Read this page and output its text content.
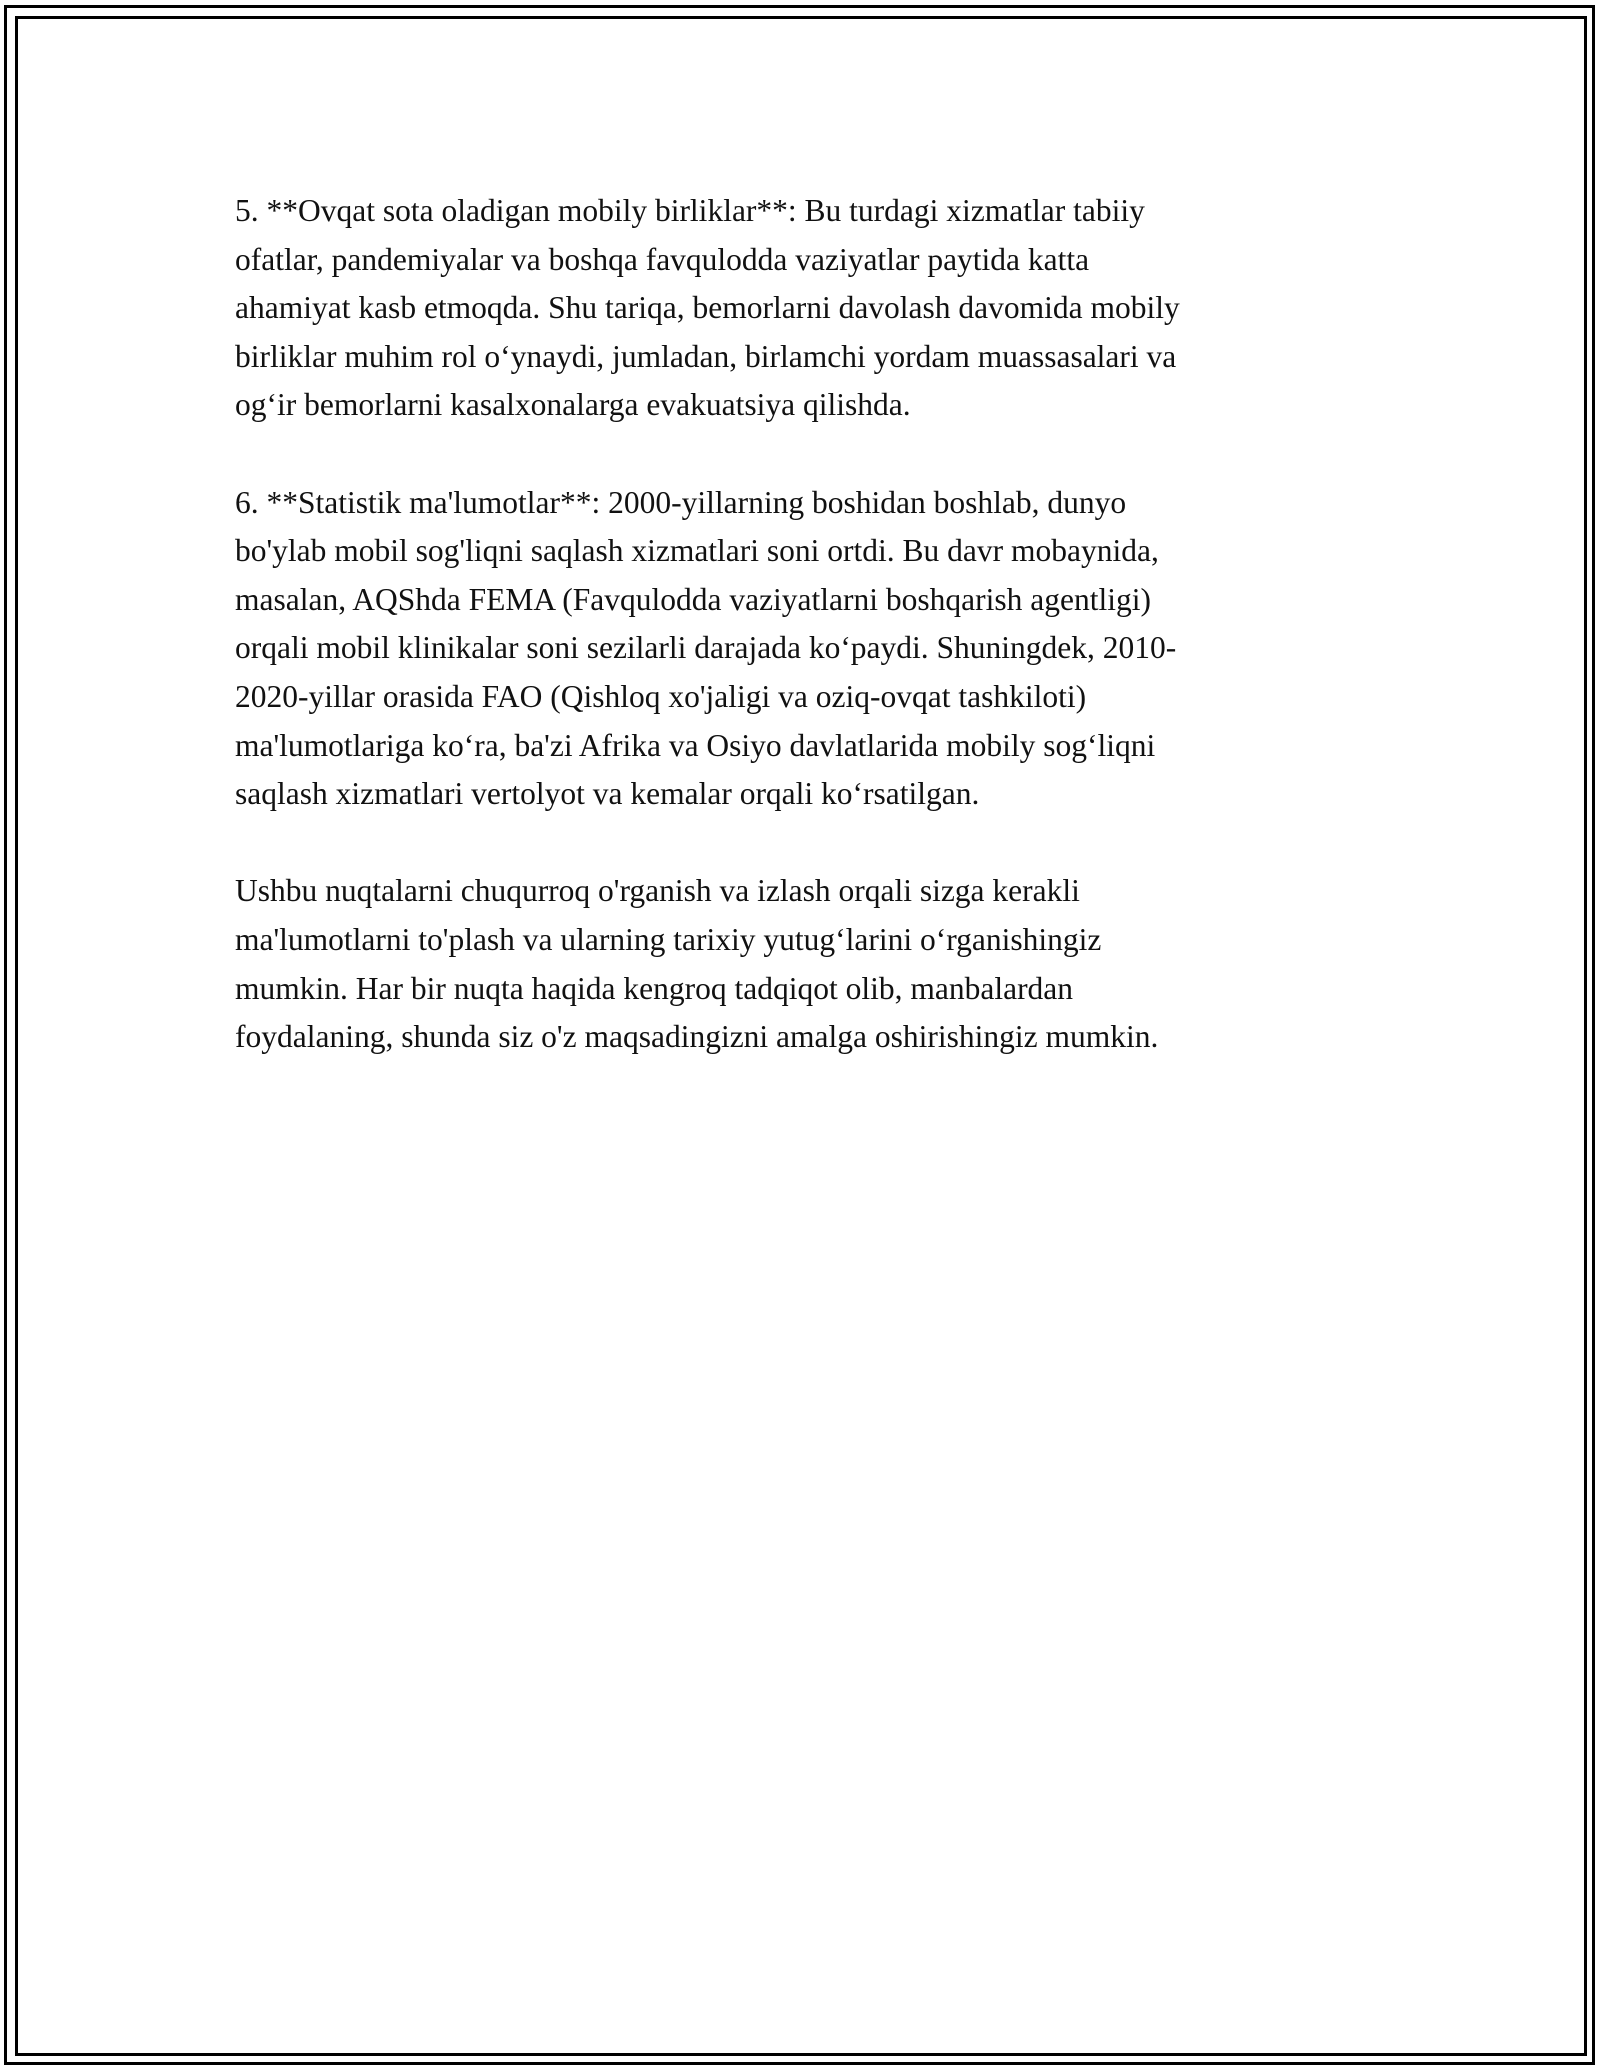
5. **Ovqat sota oladigan mobily birliklar**: Bu turdagi xizmatlar tabiiy
ofatlar, pandemiyalar va boshqa favqulodda vaziyatlar paytida katta
ahamiyat kasb etmoqda. Shu tariqa, bemorlarni davolash davomida mobily
birliklar muhim rol o‘ynaydi, jumladan, birlamchi yordam muassasalari va
og‘ir bemorlarni kasalxonalarga evakuatsiya qilishda.

6. **Statistik ma'lumotlar**: 2000-yillarning boshidan boshlab, dunyo
bo'ylab mobil sog'liqni saqlash xizmatlari soni ortdi. Bu davr mobaynida,
masalan, AQShda FEMA (Favqulodda vaziyatlarni boshqarish agentligi)
orqali mobil klinikalar soni sezilarli darajada ko‘paydi. Shuningdek, 2010-
2020-yillar orasida FAO (Qishloq xo'jaligi va oziq-ovqat tashkiloti)
ma'lumotlariga ko‘ra, ba'zi Afrika va Osiyo davlatlarida mobily sog‘liqni
saqlash xizmatlari vertolyot va kemalar orqali ko‘rsatilgan.

Ushbu nuqtalarni chuqurroq o'rganish va izlash orqali sizga kerakli
ma'lumotlarni to'plash va ularning tarixiy yutug‘larini o‘rganishingiz
mumkin. Har bir nuqta haqida kengroq tadqiqot olib, manbalardan
foydalaning, shunda siz o'z maqsadingizni amalga oshirishingiz mumkin.
